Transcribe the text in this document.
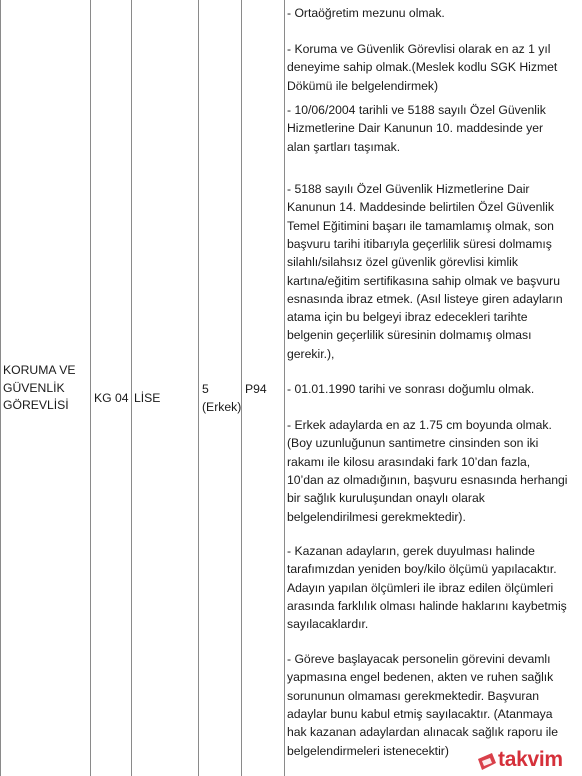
KORUMA VE GÜVENLİK GÖREVLİSİ	KG 04 LİSE
5 (Erkek)
P94

- Ortaöğretim mezunu olmak.

- Koruma ve Güvenlik Görevlisi olarak en az 1 yıl

deneyime sahip olmak.(Meslek kodlu SGK Hizmet

Dökümü ile belgelendirmek)

- 10/06/2004 tarihli ve 5188 sayılı Özel Güvenlik

Hizmetlerine Dair Kanunun 10. maddesinde yer

alan şartları taşımak.

- 5188 sayılı Özel Güvenlik Hizmetlerine Dair

Kanunun 14. Maddesinde belirtilen Özel Güvenlik

Temel Eğitimini başarı ile tamamlamış olmak, son

başvuru tarihi itibarıyla geçerlilik süresi dolmamış

silahlı/silahsız özel güvenlik görevlisi kimlik

kartına/eğitim sertifikasına sahip olmak ve başvuru

esnasında ibraz etmek. (Asıl listeye giren adayların

atama için bu belgeyi ibraz edecekleri tarihte

belgenin geçerlilik süresinin dolmamış olması

gerekir.),

- 01.01.1990 tarihi ve sonrası doğumlu olmak.

- Erkek adaylarda en az 1.75 cm boyunda olmak.

(Boy uzunluğunun santimetre cinsinden son iki

rakamı ile kilosu arasındaki fark 10’dan fazla,

10’dan az olmadığının, başvuru esnasında herhangi

bir sağlık kuruluşundan onaylı olarak

belgelendirilmesi gerekmektedir).

- Kazanan adayların, gerek duyulması halinde

tarafımızdan yeniden boy/kilo ölçümü yapılacaktır.

Adayın yapılan ölçümleri ile ibraz edilen ölçümleri

arasında farklılık olması halinde haklarını kaybetmiş

sayılacaklardır.

- Göreve başlayacak personelin görevini devamlı

yapmasına engel bedenen, akten ve ruhen sağlık

sorununun olmaması gerekmektedir. Başvuran

adaylar bunu kabul etmiş sayılacaktır. (Atanmaya

hak kazanan adaylardan alınacak sağlık raporu ile

belgelendirmeleri istenecektir)	takvim
